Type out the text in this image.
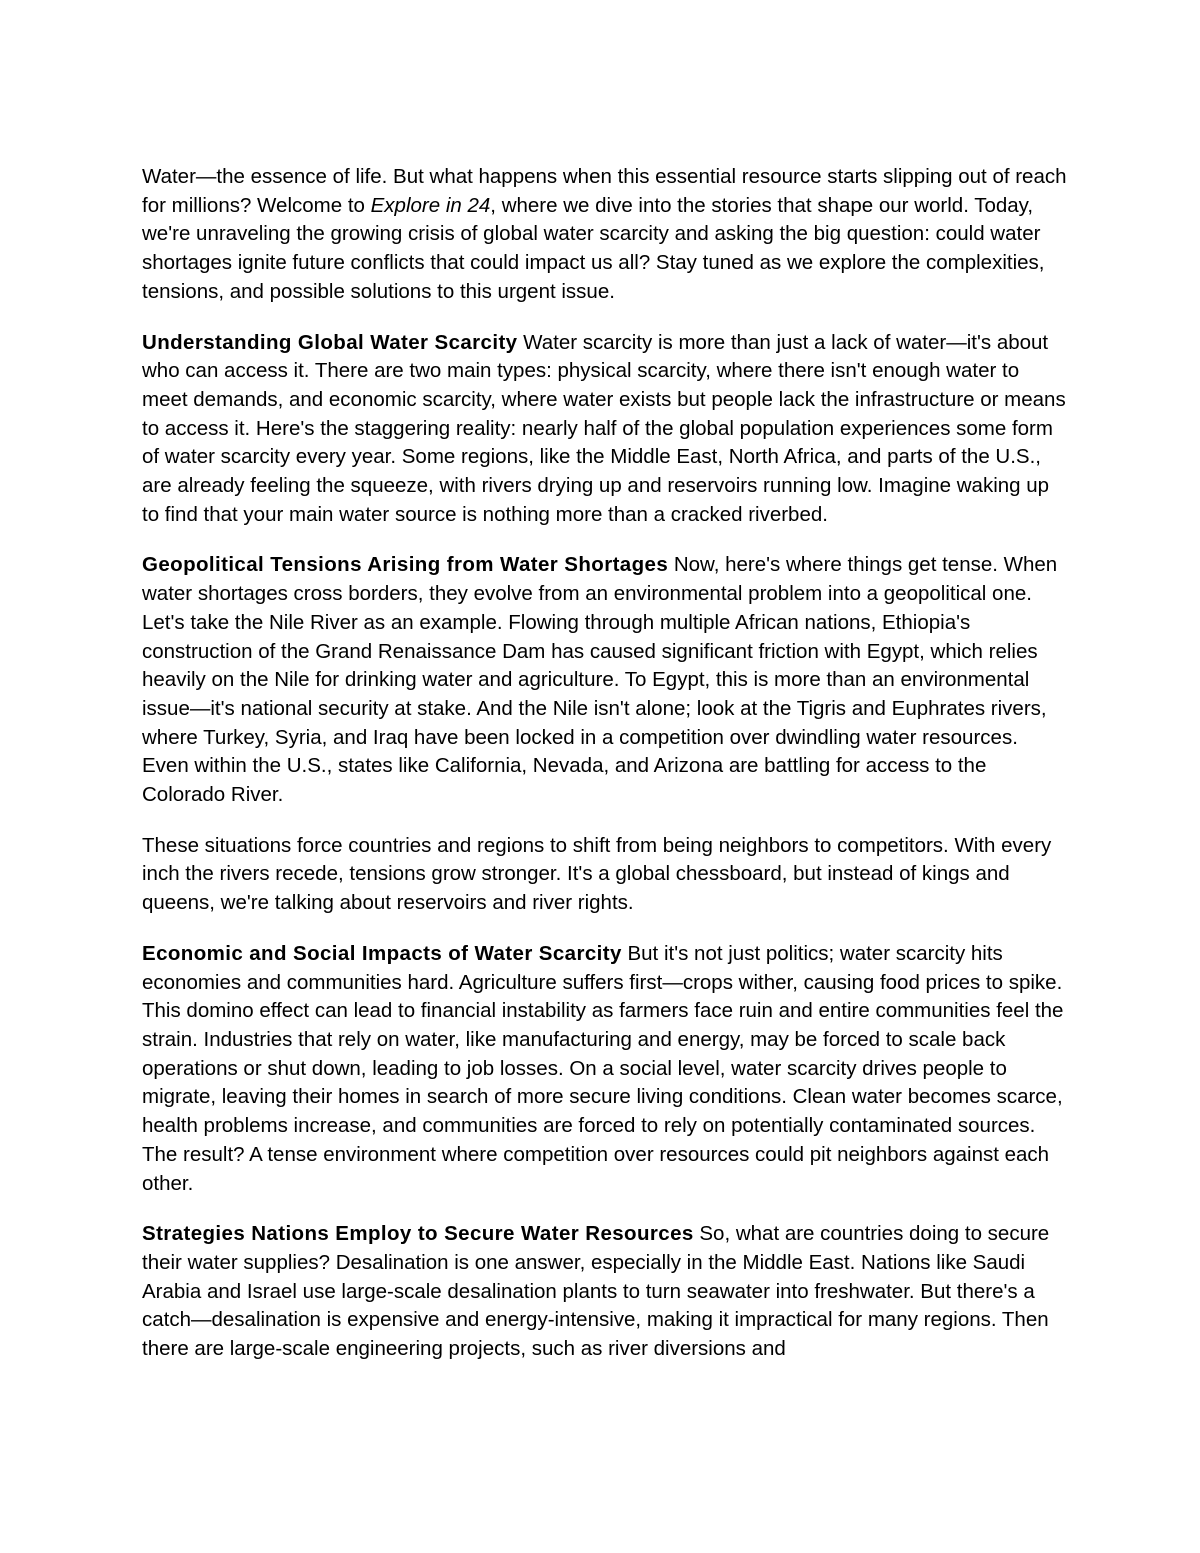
Water—the essence of life. But what happens when this essential resource starts slipping out of reach for millions? Welcome to Explore in 24, where we dive into the stories that shape our world. Today, we're unraveling the growing crisis of global water scarcity and asking the big question: could water shortages ignite future conflicts that could impact us all? Stay tuned as we explore the complexities, tensions, and possible solutions to this urgent issue.

Understanding Global Water Scarcity Water scarcity is more than just a lack of water—it's about who can access it. There are two main types: physical scarcity, where there isn't enough water to meet demands, and economic scarcity, where water exists but people lack the infrastructure or means to access it. Here's the staggering reality: nearly half of the global population experiences some form of water scarcity every year. Some regions, like the Middle East, North Africa, and parts of the U.S., are already feeling the squeeze, with rivers drying up and reservoirs running low. Imagine waking up to find that your main water source is nothing more than a cracked riverbed.

Geopolitical Tensions Arising from Water Shortages Now, here's where things get tense. When water shortages cross borders, they evolve from an environmental problem into a geopolitical one. Let's take the Nile River as an example. Flowing through multiple African nations, Ethiopia's construction of the Grand Renaissance Dam has caused significant friction with Egypt, which relies heavily on the Nile for drinking water and agriculture. To Egypt, this is more than an environmental issue—it's national security at stake. And the Nile isn't alone; look at the Tigris and Euphrates rivers, where Turkey, Syria, and Iraq have been locked in a competition over dwindling water resources. Even within the U.S., states like California, Nevada, and Arizona are battling for access to the Colorado River.

These situations force countries and regions to shift from being neighbors to competitors. With every inch the rivers recede, tensions grow stronger. It's a global chessboard, but instead of kings and queens, we're talking about reservoirs and river rights.

Economic and Social Impacts of Water Scarcity But it's not just politics; water scarcity hits economies and communities hard. Agriculture suffers first—crops wither, causing food prices to spike. This domino effect can lead to financial instability as farmers face ruin and entire communities feel the strain. Industries that rely on water, like manufacturing and energy, may be forced to scale back operations or shut down, leading to job losses. On a social level, water scarcity drives people to migrate, leaving their homes in search of more secure living conditions. Clean water becomes scarce, health problems increase, and communities are forced to rely on potentially contaminated sources. The result? A tense environment where competition over resources could pit neighbors against each other.

Strategies Nations Employ to Secure Water Resources So, what are countries doing to secure their water supplies? Desalination is one answer, especially in the Middle East. Nations like Saudi Arabia and Israel use large-scale desalination plants to turn seawater into freshwater. But there's a catch—desalination is expensive and energy-intensive, making it impractical for many regions. Then there are large-scale engineering projects, such as river diversions and
